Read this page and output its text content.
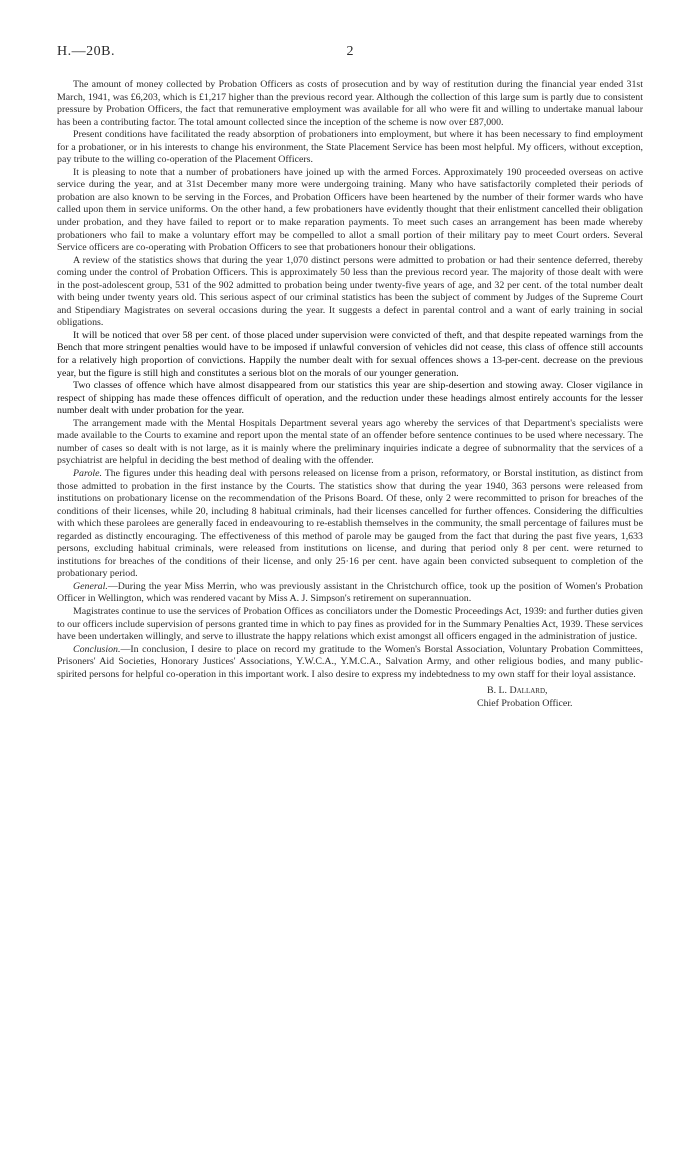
H.—20B.	2

The amount of money collected by Probation Officers as costs of prosecution and by way of restitution during the financial year ended 31st March, 1941, was £6,203, which is £1,217 higher than the previous record year. Although the collection of this large sum is partly due to consistent pressure by Probation Officers, the fact that remunerative employment was available for all who were fit and willing to undertake manual labour has been a contributing factor. The total amount collected since the inception of the scheme is now over £87,000.

Present conditions have facilitated the ready absorption of probationers into employment, but where it has been necessary to find employment for a probationer, or in his interests to change his environment, the State Placement Service has been most helpful. My officers, without exception, pay tribute to the willing co-operation of the Placement Officers.

It is pleasing to note that a number of probationers have joined up with the armed Forces. Approximately 190 proceeded overseas on active service during the year, and at 31st December many more were undergoing training. Many who have satisfactorily completed their periods of probation are also known to be serving in the Forces, and Probation Officers have been heartened by the number of their former wards who have called upon them in service uniforms. On the other hand, a few probationers have evidently thought that their enlistment cancelled their obligation under probation, and they have failed to report or to make reparation payments. To meet such cases an arrangement has been made whereby probationers who fail to make a voluntary effort may be compelled to allot a small portion of their military pay to meet Court orders. Several Service officers are co-operating with Probation Officers to see that probationers honour their obligations.

A review of the statistics shows that during the year 1,070 distinct persons were admitted to probation or had their sentence deferred, thereby coming under the control of Probation Officers. This is approximately 50 less than the previous record year. The majority of those dealt with were in the post-adolescent group, 531 of the 902 admitted to probation being under twenty-five years of age, and 32 per cent. of the total number dealt with being under twenty years old. This serious aspect of our criminal statistics has been the subject of comment by Judges of the Supreme Court and Stipendiary Magistrates on several occasions during the year. It suggests a defect in parental control and a want of early training in social obligations.

It will be noticed that over 58 per cent. of those placed under supervision were convicted of theft, and that despite repeated warnings from the Bench that more stringent penalties would have to be imposed if unlawful conversion of vehicles did not cease, this class of offence still accounts for a relatively high proportion of convictions. Happily the number dealt with for sexual offences shows a 13-per-cent. decrease on the previous year, but the figure is still high and constitutes a serious blot on the morals of our younger generation.

Two classes of offence which have almost disappeared from our statistics this year are ship-desertion and stowing away. Closer vigilance in respect of shipping has made these offences difficult of operation, and the reduction under these headings almost entirely accounts for the lesser number dealt with under probation for the year.

The arrangement made with the Mental Hospitals Department several years ago whereby the services of that Department's specialists were made available to the Courts to examine and report upon the mental state of an offender before sentence continues to be used where necessary. The number of cases so dealt with is not large, as it is mainly where the preliminary inquiries indicate a degree of subnormality that the services of a psychiatrist are helpful in deciding the best method of dealing with the offender.

Parole. The figures under this heading deal with persons released on license from a prison, reformatory, or Borstal institution, as distinct from those admitted to probation in the first instance by the Courts. The statistics show that during the year 1940, 363 persons were released from institutions on probationary license on the recommendation of the Prisons Board. Of these, only 2 were recommitted to prison for breaches of the conditions of their licenses, while 20, including 8 habitual criminals, had their licenses cancelled for further offences. Considering the difficulties with which these parolees are generally faced in endeavouring to re-establish themselves in the community, the small percentage of failures must be regarded as distinctly encouraging. The effectiveness of this method of parole may be gauged from the fact that during the past five years, 1,633 persons, excluding habitual criminals, were released from institutions on license, and during that period only 8 per cent. were returned to institutions for breaches of the conditions of their license, and only 25·16 per cent. have again been convicted subsequent to completion of the probationary period.

General.—During the year Miss Merrin, who was previously assistant in the Christchurch office, took up the position of Women's Probation Officer in Wellington, which was rendered vacant by Miss A. J. Simpson's retirement on superannuation.

Magistrates continue to use the services of Probation Offices as conciliators under the Domestic Proceedings Act, 1939: and further duties given to our officers include supervision of persons granted time in which to pay fines as provided for in the Summary Penalties Act, 1939. These services have been undertaken willingly, and serve to illustrate the happy relations which exist amongst all officers engaged in the administration of justice.

Conclusion.—In conclusion, I desire to place on record my gratitude to the Women's Borstal Association, Voluntary Probation Committees, Prisoners' Aid Societies, Honorary Justices' Associations, Y.W.C.A., Y.M.C.A., Salvation Army, and other religious bodies, and many public-spirited persons for helpful co-operation in this important work. I also desire to express my indebtedness to my own staff for their loyal assistance.

B. L. Dallard,
Chief Probation Officer.
